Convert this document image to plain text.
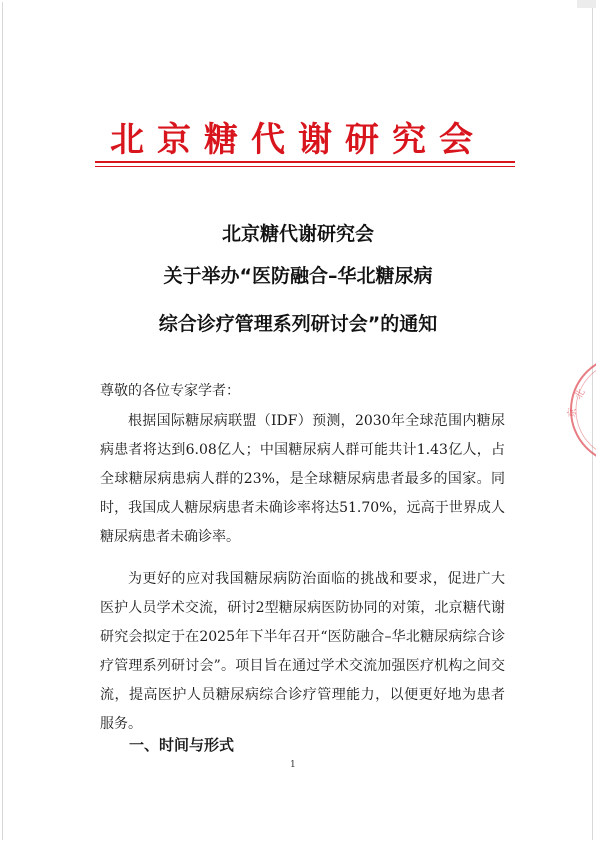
北京糖代谢研究会
北京糖代谢研究会
关于举办“医防融合–华北糖尿病
综合诊疗管理系列研讨会”的通知
尊敬的各位专家学者：
根据国际糖尿病联盟（IDF）预测，2030年全球范围内糖尿病患者将达到6.08亿人；中国糖尿病人群可能共计1.43亿人，占全球糖尿病患病人群的23%，是全球糖尿病患者最多的国家。同时，我国成人糖尿病患者未确诊率将达51.70%，远高于世界成人糖尿病患者未确诊率。
为更好的应对我国糖尿病防治面临的挑战和要求，促进广大医护人员学术交流，研讨2型糖尿病医防协同的对策，北京糖代谢研究会拟定于在2025年下半年召开“医防融合–华北糖尿病综合诊疗管理系列研讨会”。项目旨在通过学术交流加强医疗机构之间交流，提高医护人员糖尿病综合诊疗管理能力，以便更好地为患者服务。
一、时间与形式
1
北
京
